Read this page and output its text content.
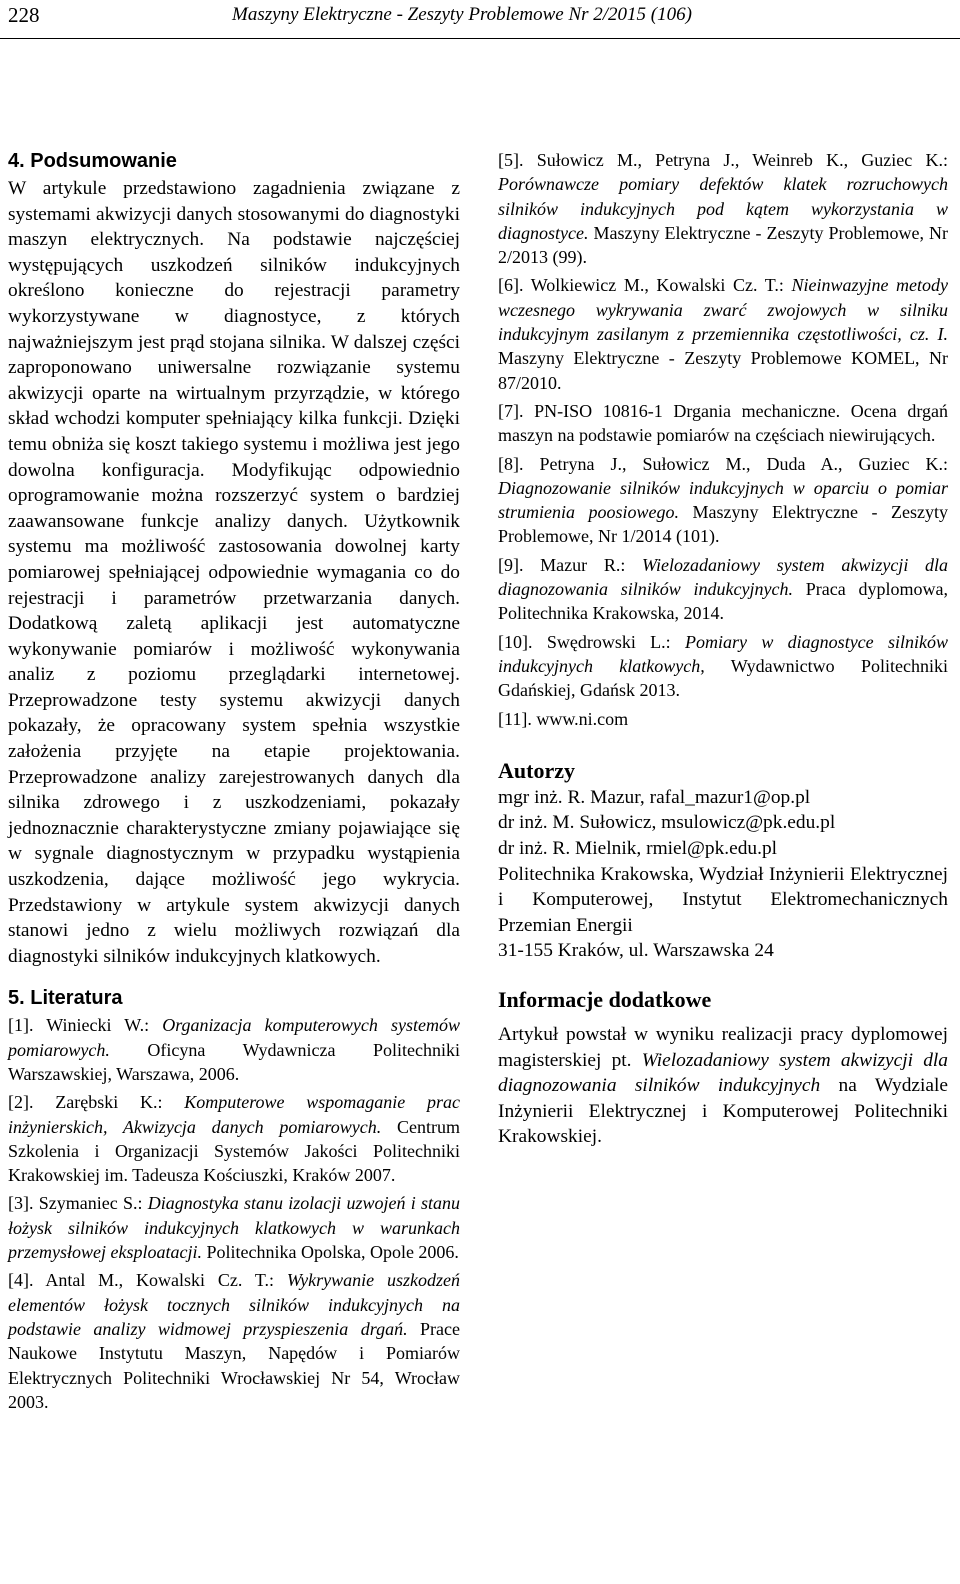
228	Maszyny Elektryczne - Zeszyty Problemowe Nr 2/2015 (106)
4. Podsumowanie

W artykule przedstawiono zagadnienia związane z systemami akwizycji danych stosowanymi do diagnostyki maszyn elektrycznych. Na podstawie najczęściej występujących uszkodzeń silników indukcyjnych określono konieczne do rejestracji parametry wykorzystywane w diagnostyce, z których najważniejszym jest prąd stojana silnika. W dalszej części zaproponowano uniwersalne rozwiązanie systemu akwizycji oparte na wirtualnym przyrządzie, w którego skład wchodzi komputer spełniający kilka funkcji. Dzięki temu obniża się koszt takiego systemu i możliwa jest jego dowolna konfiguracja. Modyfikując odpowiednio oprogramowanie można rozszerzyć system o bardziej zaawansowane funkcje analizy danych. Użytkownik systemu ma możliwość zastosowania dowolnej karty pomiarowej spełniającej odpowiednie wymagania co do rejestracji i parametrów przetwarzania danych. Dodatkową zaletą aplikacji jest automatyczne wykonywanie pomiarów i możliwość wykonywania analiz z poziomu przeglądarki internetowej. Przeprowadzone testy systemu akwizycji danych pokazały, że opracowany system spełnia wszystkie założenia przyjęte na etapie projektowania. Przeprowadzone analizy zarejestrowanych danych dla silnika zdrowego i z uszkodzeniami, pokazały jednoznacznie charakterystyczne zmiany pojawiające się w sygnale diagnostycznym w przypadku wystąpienia uszkodzenia, dające możliwość jego wykrycia. Przedstawiony w artykule system akwizycji danych stanowi jedno z wielu możliwych rozwiązań dla diagnostyki silników indukcyjnych klatkowych.

5. Literatura

[1]. Winiecki W.: Organizacja komputerowych systemów pomiarowych. Oficyna Wydawnicza Politechniki Warszawskiej, Warszawa, 2006.

[2]. Zarębski K.: Komputerowe wspomaganie prac inżynierskich, Akwizycja danych pomiarowych. Centrum Szkolenia i Organizacji Systemów Jakości Politechniki Krakowskiej im. Tadeusza Kościuszki, Kraków 2007.

[3]. Szymaniec S.: Diagnostyka stanu izolacji uzwojeń i stanu łożysk silników indukcyjnych klatkowych w warunkach przemysłowej eksploatacji. Politechnika Opolska, Opole 2006.

[4]. Antal M., Kowalski Cz. T.: Wykrywanie uszkodzeń elementów łożysk tocznych silników indukcyjnych na podstawie analizy widmowej przyspieszenia drgań. Prace Naukowe Instytutu Maszyn, Napędów i Pomiarów Elektrycznych Politechniki Wrocławskiej Nr 54, Wrocław 2003.

[5]. Sułowicz M., Petryna J., Weinreb K., Guziec K.: Porównawcze pomiary defektów klatek rozruchowych silników indukcyjnych pod kątem wykorzystania w diagnostyce. Maszyny Elektryczne - Zeszyty Problemowe, Nr 2/2013 (99).

[6]. Wolkiewicz M., Kowalski Cz. T.: Nieinwazyjne metody wczesnego wykrywania zwarć zwojowych w silniku indukcyjnym zasilanym z przemiennika częstotliwości, cz. I. Maszyny Elektryczne - Zeszyty Problemowe KOMEL, Nr 87/2010.

[7]. PN-ISO 10816-1 Drgania mechaniczne. Ocena drgań maszyn na podstawie pomiarów na częściach niewirujących.

[8]. Petryna J., Sułowicz M., Duda A., Guziec K.: Diagnozowanie silników indukcyjnych w oparciu o pomiar strumienia poosiowego. Maszyny Elektryczne - Zeszyty Problemowe, Nr 1/2014 (101).

[9]. Mazur R.: Wielozadaniowy system akwizycji dla diagnozowania silników indukcyjnych. Praca dyplomowa, Politechnika Krakowska, 2014.

[10]. Swędrowski L.: Pomiary w diagnostyce silników indukcyjnych klatkowych, Wydawnictwo Politechniki Gdańskiej, Gdańsk 2013.

[11]. www.ni.com

Autorzy

mgr inż. R. Mazur, rafal_mazur1@op.pl

dr inż. M. Sułowicz, msulowicz@pk.edu.pl

dr inż. R. Mielnik, rmiel@pk.edu.pl

Politechnika Krakowska, Wydział Inżynierii Elektrycznej i Komputerowej, Instytut Elektromechanicznych Przemian Energii

31-155 Kraków, ul. Warszawska 24

Informacje dodatkowe

Artykuł powstał w wyniku realizacji pracy dyplomowej magisterskiej pt. Wielozadaniowy system akwizycji dla diagnozowania silników indukcyjnych na Wydziale Inżynierii Elektrycznej i Komputerowej Politechniki Krakowskiej.
